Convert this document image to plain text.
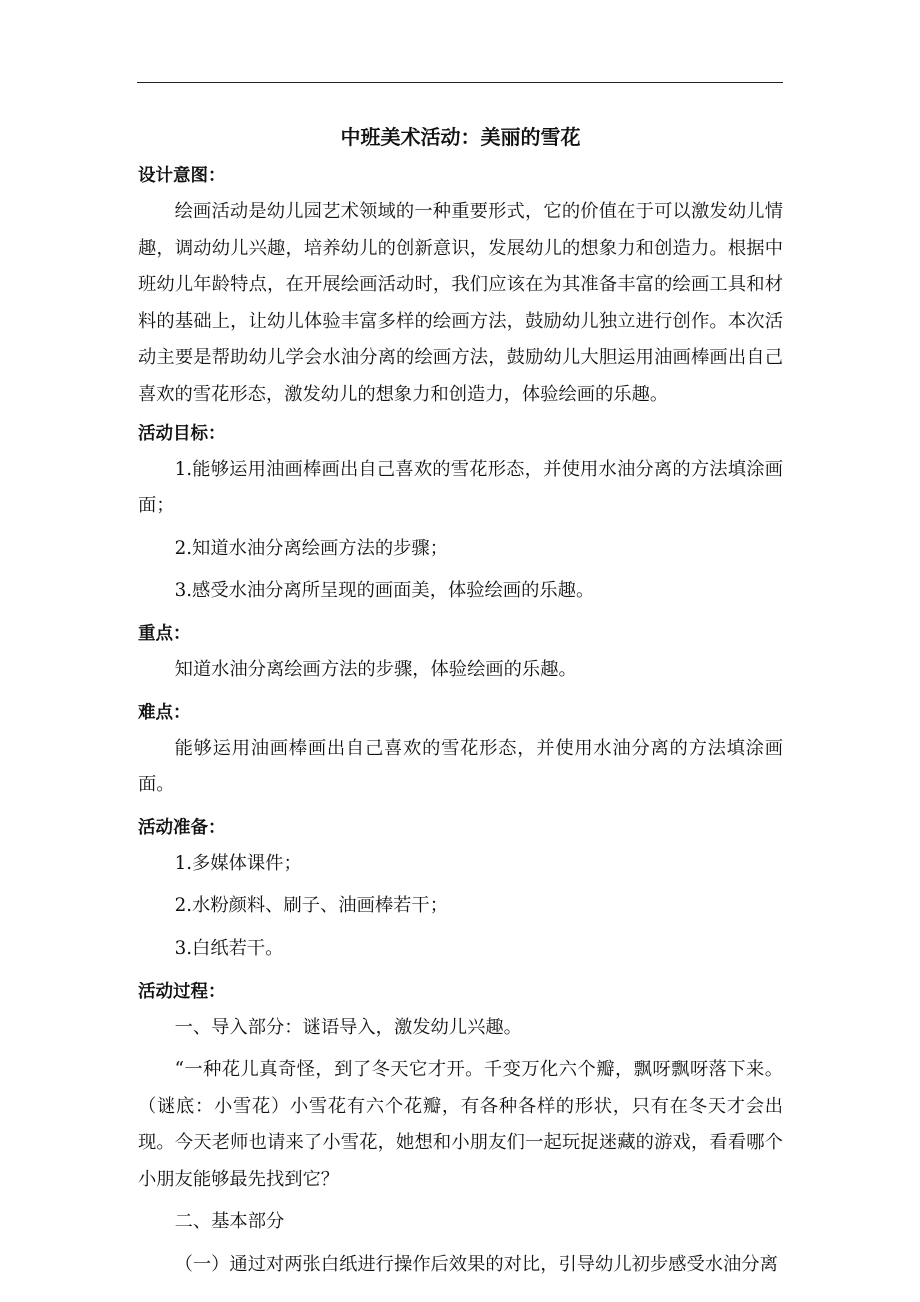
中班美术活动：美丽的雪花

设计意图：

绘画活动是幼儿园艺术领域的一种重要形式，它的价值在于可以激发幼儿情趣，调动幼儿兴趣，培养幼儿的创新意识，发展幼儿的想象力和创造力。根据中班幼儿年龄特点，在开展绘画活动时，我们应该在为其准备丰富的绘画工具和材料的基础上，让幼儿体验丰富多样的绘画方法，鼓励幼儿独立进行创作。本次活动主要是帮助幼儿学会水油分离的绘画方法，鼓励幼儿大胆运用油画棒画出自己喜欢的雪花形态，激发幼儿的想象力和创造力，体验绘画的乐趣。

活动目标：

1.能够运用油画棒画出自己喜欢的雪花形态，并使用水油分离的方法填涂画面；

2.知道水油分离绘画方法的步骤；

3.感受水油分离所呈现的画面美，体验绘画的乐趣。

重点：

知道水油分离绘画方法的步骤，体验绘画的乐趣。

难点：

能够运用油画棒画出自己喜欢的雪花形态，并使用水油分离的方法填涂画面。

活动准备：

1.多媒体课件；

2.水粉颜料、刷子、油画棒若干；

3.白纸若干。

活动过程：

一、导入部分：谜语导入，激发幼儿兴趣。

“一种花儿真奇怪，到了冬天它才开。千变万化六个瓣，飘呀飘呀落下来。（谜底：小雪花）小雪花有六个花瓣，有各种各样的形状，只有在冬天才会出现。今天老师也请来了小雪花，她想和小朋友们一起玩捉迷藏的游戏，看看哪个小朋友能够最先找到它？

二、基本部分

（一）通过对两张白纸进行操作后效果的对比，引导幼儿初步感受水油分离
